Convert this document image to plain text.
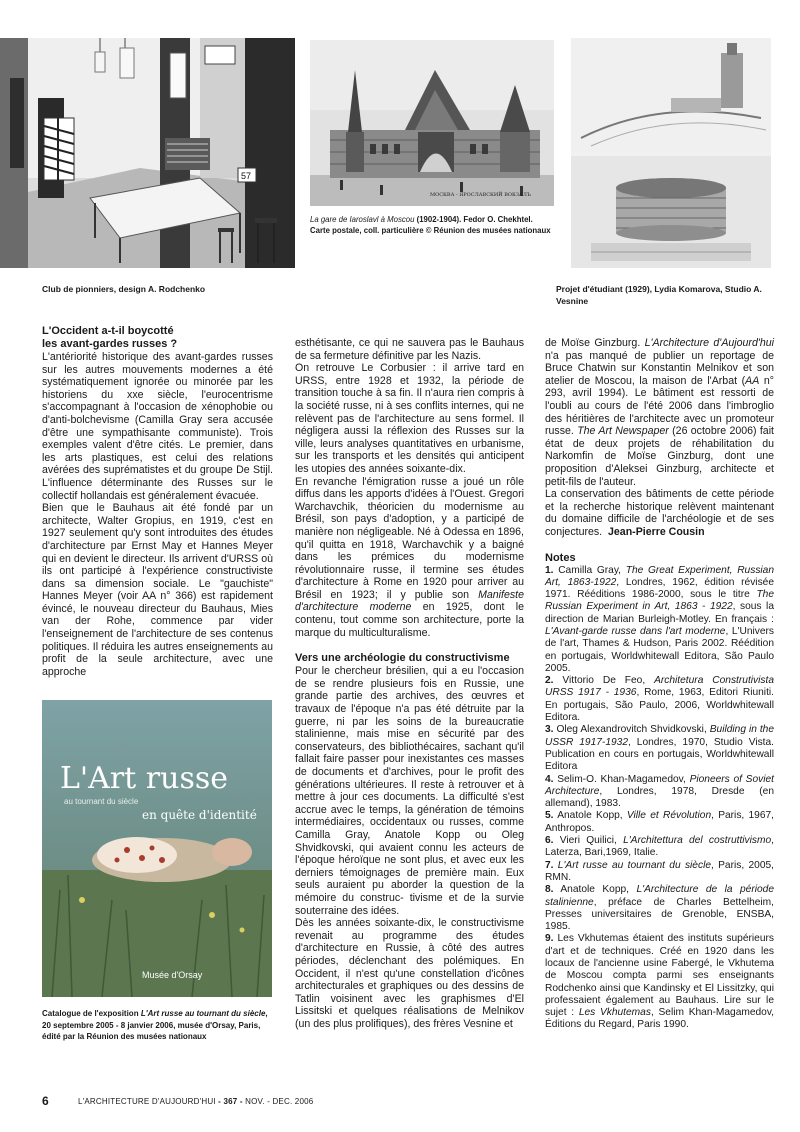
57
МОСКВА - ЯРОСЛАВСКИЙ ВОКЗАЛЪ
La gare de Iaroslavl à Moscou (1902-1904). Fedor O. Chekhtel.
Carte postale, coll. particulière © Réunion des musées nationaux
Club de pionniers, design A. Rodchenko	Projet d'étudiant (1929), Lydia Komarova, Studio A. Vesnine
L'Occident a-t-il boycotté
les avant-gardes russes ?

L'antériorité historique des avant-gardes russes sur les autres mouvements modernes a été systématiquement ignorée ou minorée par les historiens du xxe siècle, l'eurocentrisme s'accompagnant à l'occasion de xénophobie ou d'anti-bolchevisme (Camilla Gray sera accusée d'être une sympathisante communiste). Trois exemples valent d'être cités. Le premier, dans les arts plastiques, est celui des relations avérées des suprématistes et du groupe De Stijl. L'influence déterminante des Russes sur le collectif hollandais est généralement évacuée.

Bien que le Bauhaus ait été fondé par un architecte, Walter Gropius, en 1919, c'est en 1927 seulement qu'y sont introduites des études d'architecture par Ernst May et Hannes Meyer qui en devient le directeur. Ils arrivent d'URSS où ils ont participé à l'expérience constructiviste dans sa dimension sociale. Le "gauchiste" Hannes Meyer (voir AA n° 366) est rapidement évincé, le nouveau directeur du Bauhaus, Mies van der Rohe, commence par vider l'enseignement de l'architecture de ses contenus politiques. Il réduira les autres enseignements au profit de la seule architecture, avec une approche

L'Art russe
au tournant du siècle
en quête d'identité
Musée d'Orsay
Catalogue de l'exposition L'Art russe au tournant du siècle, 20 septembre 2005 - 8 janvier 2006, musée d'Orsay, Paris, édité par la Réunion des musées nationaux

esthétisante, ce qui ne sauvera pas le Bauhaus de sa fermeture définitive par les Nazis.

On retrouve Le Corbusier : il arrive tard en URSS, entre 1928 et 1932, la période de transition touche à sa fin. Il n'aura rien compris à la société russe, ni à ses conflits internes, qui ne relèvent pas de l'architecture au sens formel. Il négligera aussi la réflexion des Russes sur la ville, leurs analyses quantitatives en urbanisme, sur les transports et les densités qui anticipent les utopies des années soixante-dix.

En revanche l'émigration russe a joué un rôle diffus dans les apports d'idées à l'Ouest. Gregori Warchavchik, théoricien du modernisme au Brésil, son pays d'adoption, y a participé de manière non négligeable. Né à Odessa en 1896, qu'il quitta en 1918, Warchavchik y a baigné dans les prémices du modernisme révolutionnaire russe, il termine ses études d'architecture à Rome en 1920 pour arriver au Brésil en 1923; il y publie son Manifeste d'architecture moderne en 1925, dont le contenu, tout comme son architecture, porte la marque du multiculturalisme.

Vers une archéologie du constructivisme

Pour le chercheur brésilien, qui a eu l'occasion de se rendre plusieurs fois en Russie, une grande partie des archives, des œuvres et travaux de l'époque n'a pas été détruite par la guerre, ni par les soins de la bureaucratie stalinienne, mais mise en sécurité par des conservateurs, des bibliothécaires, sachant qu'il fallait faire passer pour inexistantes ces masses de documents et d'archives, pour le profit des générations ultérieures. Il reste à retrouver et à mettre à jour ces documents. La difficulté s'est accrue avec le temps, la génération de témoins intermédiaires, occidentaux ou russes, comme Camilla Gray, Anatole Kopp ou Oleg Shvidkovski, qui avaient connu les acteurs de l'époque héroïque ne sont plus, et avec eux les derniers témoignages de première main. Eux seuls auraient pu aborder la question de la mémoire du construc- tivisme et de la survie souterraine des idées.

Dès les années soixante-dix, le constructivisme revenait au programme des études d'architecture en Russie, à côté des autres périodes, déclenchant des polémiques. En Occident, il n'est qu'une constellation d'icônes architecturales et graphiques ou des dessins de Tatlin voisinent avec les graphismes d'El Lissitski et quelques réalisations de Melnikov (un des plus prolifiques), des frères Vesnine et

de Moïse Ginzburg. L'Architecture d'Aujourd'hui n'a pas manqué de publier un reportage de Bruce Chatwin sur Konstantin Melnikov et son atelier de Moscou, la maison de l'Arbat (AA n° 293, avril 1994). Le bâtiment est ressorti de l'oubli au cours de l'été 2006 dans l'imbroglio des héritières de l'architecte avec un promoteur russe. The Art Newspaper (26 octobre 2006) fait état de deux projets de réhabilitation du Narkomfin de Moïse Ginzburg, dont une proposition d'Aleksei Ginzburg, architecte et petit-fils de l'auteur.

La conservation des bâtiments de cette période et la recherche historique relèvent maintenant du domaine difficile de l'archéologie et de ses conjectures. Jean-Pierre Cousin

Notes

1. Camilla Gray, The Great Experiment, Russian Art, 1863-1922, Londres, 1962, édition révisée 1971. Rééditions 1986-2000, sous le titre The Russian Experiment in Art, 1863 - 1922, sous la direction de Marian Burleigh-Motley. En français : L'Avant-garde russe dans l'art moderne, L'Univers de l'art, Thames & Hudson, Paris 2002. Réédition en portugais, Worldwhitewall Editora, São Paulo 2005.

2. Vittorio De Feo, Architetura Construtivista URSS 1917 - 1936, Rome, 1963, Editori Riuniti. En portugais, São Paulo, 2006, Worldwhitewall Editora.

3. Oleg Alexandrovitch Shvidkovski, Building in the USSR 1917-1932, Londres, 1970, Studio Vista. Publication en cours en portugais, Worldwhitewall Editora

4. Selim-O. Khan-Magamedov, Pioneers of Soviet Architecture, Londres, 1978, Dresde (en allemand), 1983.

5. Anatole Kopp, Ville et Révolution, Paris, 1967, Anthropos.

6. Vieri Quilici, L'Architettura del costruttivismo, Laterza, Bari,1969, Italie.

7. L'Art russe au tournant du siècle, Paris, 2005, RMN.

8. Anatole Kopp, L'Architecture de la période stalinienne, préface de Charles Bettelheim, Presses universitaires de Grenoble, ENSBA, 1985.

9. Les Vkhutemas étaient des instituts supérieurs d'art et de techniques. Créé en 1920 dans les locaux de l'ancienne usine Fabergé, le Vkhutema de Moscou compta parmi ses enseignants Rodchenko ainsi que Kandinsky et El Lissitzky, qui professaient également au Bauhaus. Lire sur le sujet : Les Vkhutemas, Selim Khan-Magamedov, Éditions du Regard, Paris 1990.

6	L'ARCHITECTURE D'AUJOURD'HUI - 367 - NOV. - DEC. 2006
